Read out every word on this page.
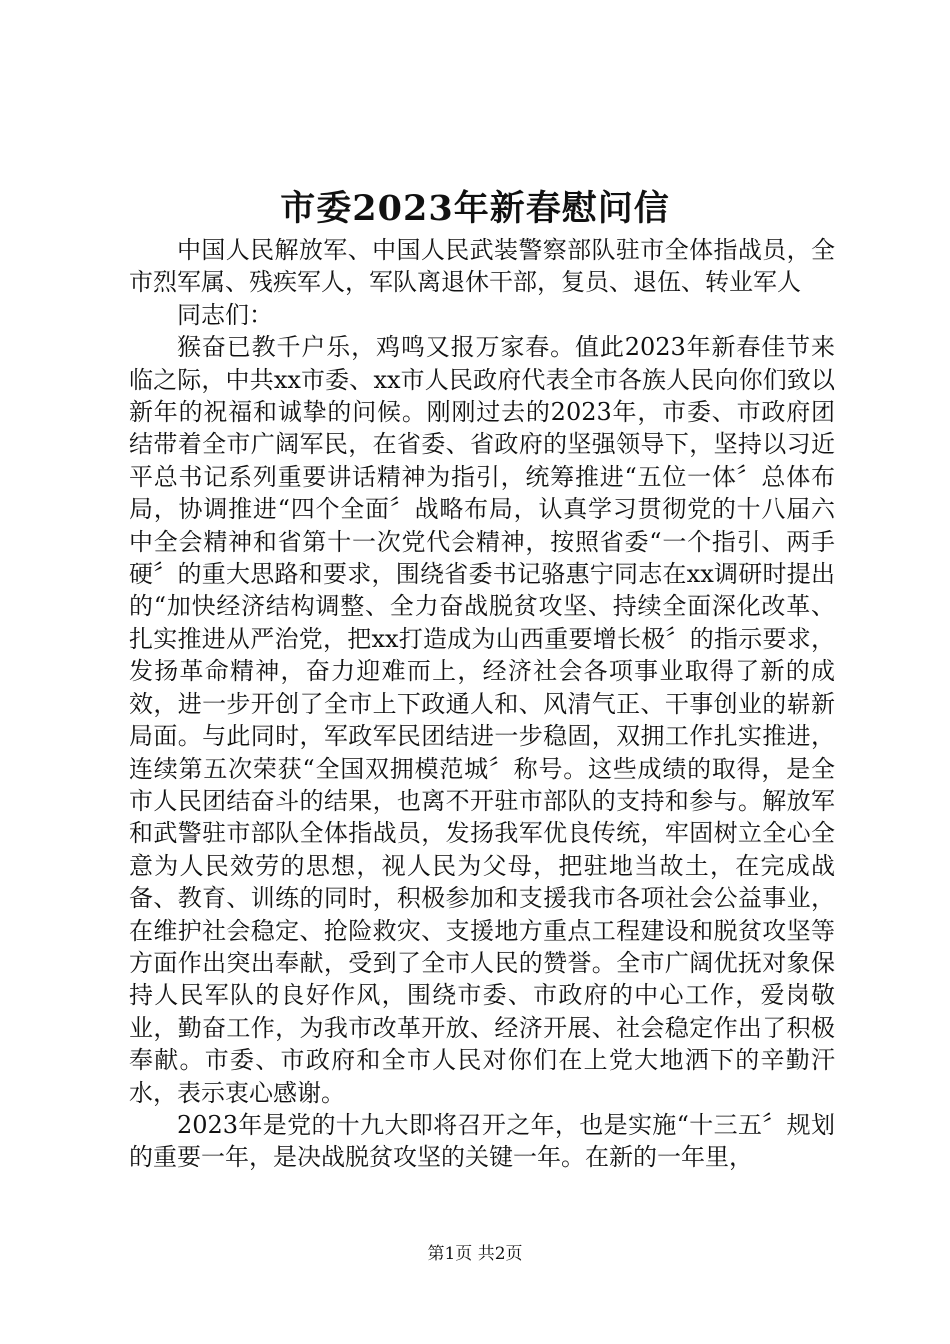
市委2023年新春慰问信

中国人民解放军、中国人民武装警察部队驻市全体指战员，全市烈军属、残疾军人，军队离退休干部，复员、退伍、转业军人

同志们：

猴奋已教千户乐，鸡鸣又报万家春。值此2023年新春佳节来临之际，中共xx市委、xx市人民政府代表全市各族人民向你们致以新年的祝福和诚挚的问候。刚刚过去的2023年，市委、市政府团结带着全市广阔军民，在省委、省政府的坚强领导下，坚持以习近平总书记系列重要讲话精神为指引，统筹推进“五位一体〞总体布局，协调推进“四个全面〞战略布局，认真学习贯彻党的十八届六中全会精神和省第十一次党代会精神，按照省委“一个指引、两手硬〞的重大思路和要求，围绕省委书记骆惠宁同志在xx调研时提出的“加快经济结构调整、全力奋战脱贫攻坚、持续全面深化改革、扎实推进从严治党，把xx打造成为山西重要增长极〞的指示要求，发扬革命精神，奋力迎难而上，经济社会各项事业取得了新的成效，进一步开创了全市上下政通人和、风清气正、干事创业的崭新局面。与此同时，军政军民团结进一步稳固，双拥工作扎实推进，连续第五次荣获“全国双拥模范城〞称号。这些成绩的取得，是全市人民团结奋斗的结果，也离不开驻市部队的支持和参与。解放军和武警驻市部队全体指战员，发扬我军优良传统，牢固树立全心全意为人民效劳的思想，视人民为父母，把驻地当故土，在完成战备、教育、训练的同时，积极参加和支援我市各项社会公益事业，在维护社会稳定、抢险救灾、支援地方重点工程建设和脱贫攻坚等方面作出突出奉献，受到了全市人民的赞誉。全市广阔优抚对象保持人民军队的良好作风，围绕市委、市政府的中心工作，爱岗敬业，勤奋工作，为我市改革开放、经济开展、社会稳定作出了积极奉献。市委、市政府和全市人民对你们在上党大地洒下的辛勤汗水，表示衷心感谢。

2023年是党的十九大即将召开之年，也是实施“十三五〞规划的重要一年，是决战脱贫攻坚的关键一年。在新的一年里，

第1页 共2页
